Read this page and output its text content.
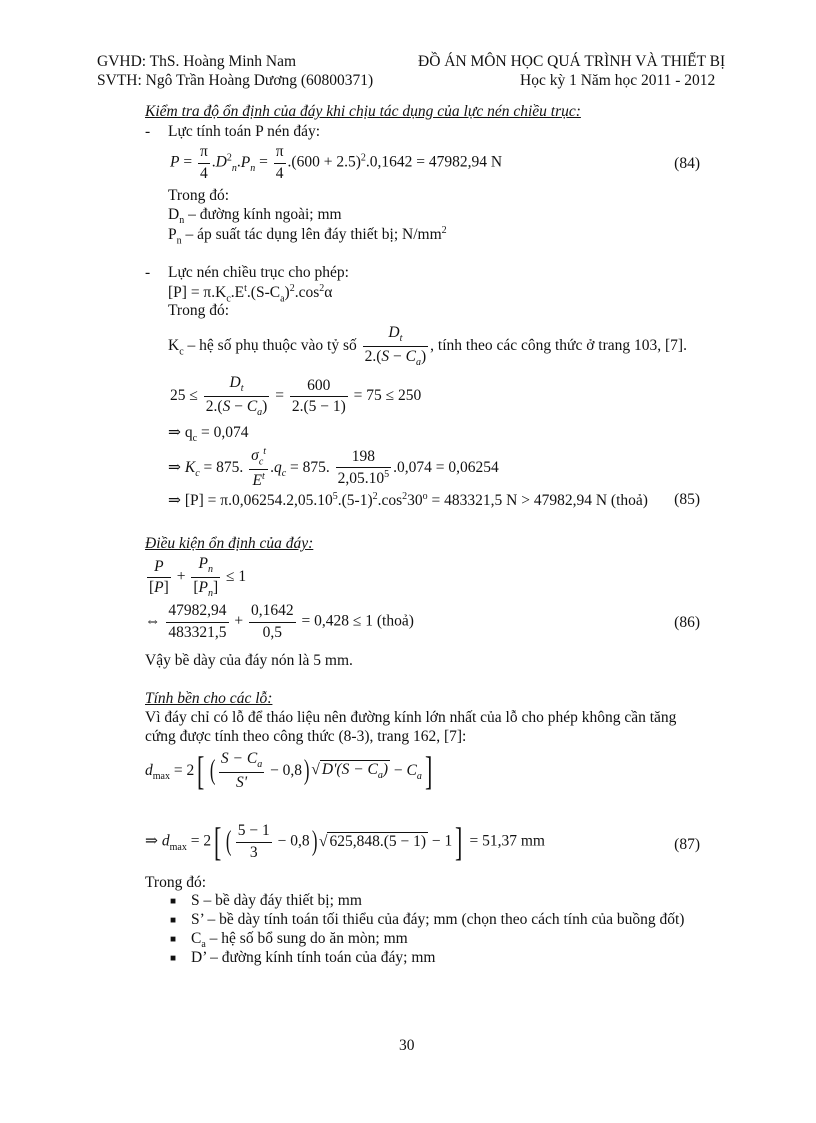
GVHD: ThS. Hoàng Minh Nam
SVTH: Ngô Trần Hoàng Dương (60800371)
ĐỒ ÁN MÔN HỌC QUÁ TRÌNH VÀ THIẾT BỊ
Học kỳ 1 Năm học 2011 - 2012
Kiểm tra độ ổn định của đáy khi chịu tác dụng của lực nén chiều trục:
- Lực tính toán P nén đáy:
$P = \frac{\pi}{4} .D^2_n.P_n = \frac{\pi}{4} .(600 + 2.5)^2.0,1642 = 47982,94$ N	(84)
Trong đó:
$D_n$ – đường kính ngoài; mm
$P_n$ – áp suất tác dụng lên đáy thiết bị; $N/mm^2$
- Lực nén chiều trục cho phép:
$[P] = \pi.K_c.E^t.(S-C_a)^2.\cos^2\alpha$
Trong đó:
$K_c$ – hệ số phụ thuộc vào tỷ số $\frac{D_t}{2.(S - C_a)}$ , tính theo các công thức ở trang 103, [7].
$25 \le \frac{D_t}{2.(S - C_a)} = \frac{600}{2.(5 - 1)} = 75 \le 250$
⇒ $q_c = 0,074$
⇒ $K_c = 875$. $\frac{\sigma_c^t}{E^t} .q_c = 875$. $\frac{198}{2,05.10^5} .0,074 = 0,06254$
⇒ $[P] = \pi.0,06254.2,05.10^5.(5-1)^2.\cos^230^o = 483321,5$ N > 47982,94 N (thoả) (85)
Điều kiện ổn định của đáy:
$\frac{P}{[P]} + \frac{P_n}{[P_n]} \le 1$
⇔ $\frac{47982,94}{483321,5} + \frac{0,1642}{0,5} = 0,428 \le 1$ (thoả)	(86)
Vậy bề dày của đáy nón là 5 mm.
Tính bền cho các lỗ:
Vì đáy chỉ có lỗ để tháo liệu nên đường kính lớn nhất của lỗ cho phép không cần tăng
cứng được tính theo công thức (8-3), trang 162, [7]:
$d_{max} = 2$[ ( $\frac{S - C_a}{S'} - 0,8$) √ $D'(S - C_a) - C_a$]
⇒ $d_{max} = 2$[ ( $\frac{5 - 1}{3} - 0,8$) √ 625,848.(5 − 1) − 1] = 51,37 mm	(87)
Trong đó:
■ S – bề dày đáy thiết bị; mm
■ S’ – bề dày tính toán tối thiểu của đáy; mm (chọn theo cách tính của buồng đốt)
■ $C_a$ – hệ số bổ sung do ăn mòn; mm
■ D’ – đường kính tính toán của đáy; mm
30
